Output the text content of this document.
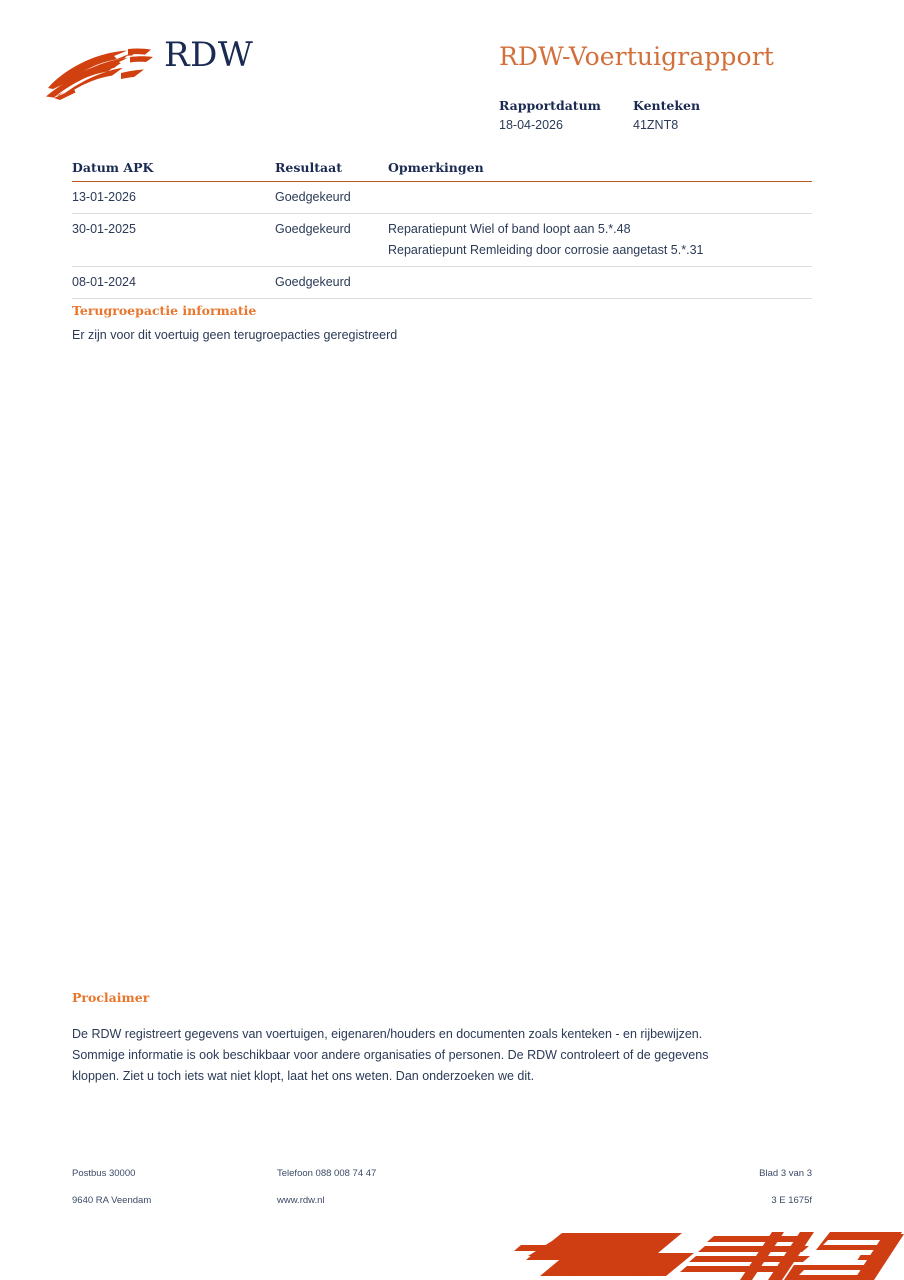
RDW	RDW-Voertuigrapport
Rapportdatum	Kenteken
18-04-2026	41ZNT8
Datum APK	Resultaat	Opmerkingen
13-01-2026	Goedgekeurd
30-01-2025	Goedgekeurd	Reparatiepunt Wiel of band loopt aan 5.*.48
Reparatiepunt Remleiding door corrosie aangetast 5.*.31
08-01-2024	Goedgekeurd
Terugroepactie informatie
Er zijn voor dit voertuig geen terugroepacties geregistreerd
Proclaimer
De RDW registreert gegevens van voertuigen, eigenaren/houders en documenten zoals kenteken - en rijbewijzen.
Sommige informatie is ook beschikbaar voor andere organisaties of personen. De RDW controleert of de gegevens
kloppen. Ziet u toch iets wat niet klopt, laat het ons weten. Dan onderzoeken we dit.
Postbus 30000	Telefoon 088 008 74 47	Blad 3 van 3
9640 RA Veendam	www.rdw.nl	3 E 1675f
